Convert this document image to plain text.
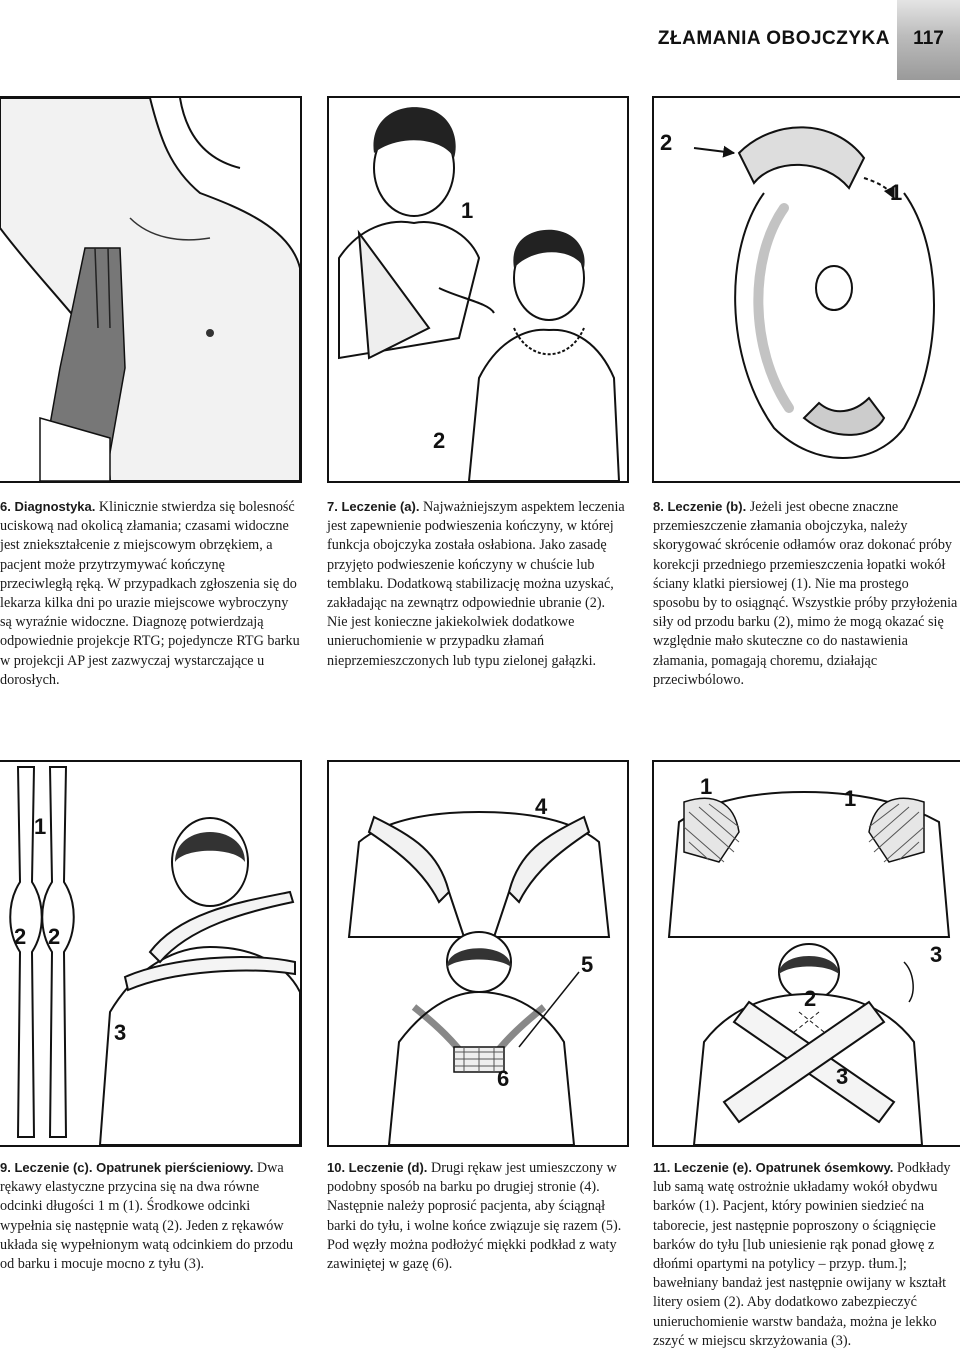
ZŁAMANIA OBOJCZYKA	117
1
2
2
1
6. Diagnostyka. Klinicznie stwierdza się bolesność uciskową nad okolicą złamania; czasami widoczne jest zniekształcenie z miejscowym obrzękiem, a pacjent może przytrzymywać kończynę przeciwległą ręką. W przypadkach zgłoszenia się do lekarza kilka dni po urazie miejscowe wybroczyny są wyraźnie widoczne. Diagnozę potwierdzają odpowiednie projekcje RTG; pojedyncze RTG barku w projekcji AP jest zazwyczaj wystarczające u dorosłych.
7. Leczenie (a). Najważniejszym aspektem leczenia jest zapewnienie podwieszenia kończyny, w której funkcja obojczyka została osłabiona. Jako zasadę przyjęto podwieszenie kończyny w chuście lub temblaku. Dodatkową stabilizację można uzyskać, zakładając na zewnątrz odpowiednie ubranie (2). Nie jest konieczne jakiekolwiek dodatkowe unieruchomienie w przypadku złamań nieprzemieszczonych lub typu zielonej gałązki.
8. Leczenie (b). Jeżeli jest obecne znaczne przemieszczenie złamania obojczyka, należy skorygować skrócenie odłamów oraz dokonać próby korekcji przedniego przemieszczenia łopatki wokół ściany klatki piersiowej (1). Nie ma prostego sposobu by to osiągnąć. Wszystkie próby przyłożenia siły od przodu barku (2), mimo że mogą okazać się względnie mało skuteczne co do nastawienia złamania, pomagają choremu, działając przeciwbólowo.
1
2 2
3
4
5
6
1	1
2
3
3
9. Leczenie (c). Opatrunek pierścieniowy. Dwa rękawy elastyczne przycina się na dwa równe odcinki długości 1 m (1). Środkowe odcinki wypełnia się następnie watą (2). Jeden z rękawów układa się wypełnionym watą odcinkiem do przodu od barku i mocuje mocno z tyłu (3).
10. Leczenie (d). Drugi rękaw jest umieszczony w podobny sposób na barku po drugiej stronie (4). Następnie należy poprosić pacjenta, aby ściągnął barki do tyłu, i wolne końce związuje się razem (5). Pod węzły można podłożyć miękki podkład z waty zawiniętej w gazę (6).
11. Leczenie (e). Opatrunek ósemkowy. Podkłady lub samą watę ostrożnie układamy wokół obydwu barków (1). Pacjent, który powinien siedzieć na taborecie, jest następnie poproszony o ściągnięcie barków do tyłu [lub uniesienie rąk ponad głowę z dłońmi opartymi na potylicy – przyp. tłum.]; bawełniany bandaż jest następnie owijany w kształt litery osiem (2). Aby dodatkowo zabezpieczyć unieruchomienie warstw bandaża, można je lekko zszyć w miejscu skrzyżowania (3).
